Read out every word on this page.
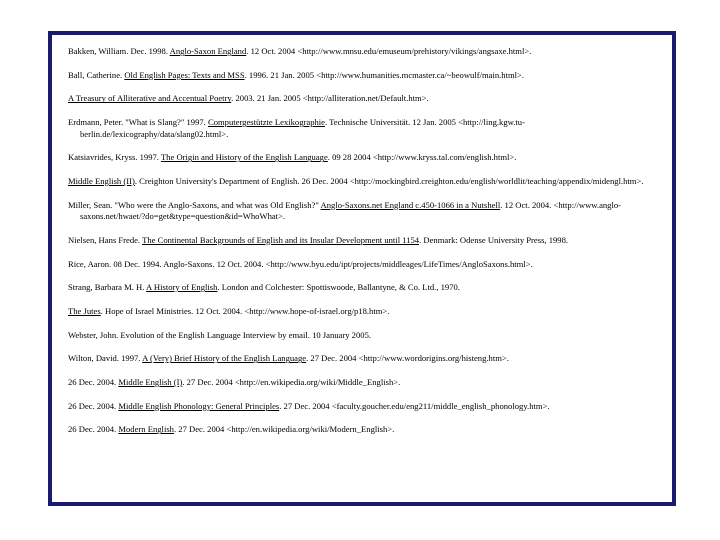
Bakken, William. Dec. 1998. Anglo-Saxon England. 12 Oct. 2004 <http://www.mnsu.edu/emuseum/prehistory/vikings/angsaxe.html>.

Ball, Catherine. Old English Pages: Texts and MSS. 1996. 21 Jan. 2005 <http://www.humanities.mcmaster.ca/~beowulf/main.html>.

A Treasury of Alliterative and Accentual Poetry. 2003. 21 Jan. 2005 <http://alliteration.net/Default.htm>.

Erdmann, Peter. "What is Slang?" 1997. Computergestützte Lexikographie. Technische Universität. 12 Jan. 2005 <http://ling.kgw.tu-berlin.de/lexicography/data/slang02.html>.

Katsiavrides, Kryss. 1997. The Origin and History of the English Language. 09 28 2004 <http://www.kryss.tal.com/english.html>.

Middle English (II). Creighton University's Department of English. 26 Dec. 2004 <http://mockingbird.creighton.edu/english/worldlit/teaching/appendix/midengl.htm>.

Miller, Sean. "Who were the Anglo-Saxons, and what was Old English?" Anglo-Saxons.net England c.450-1066 in a Nutshell. 12 Oct. 2004. <http://www.anglo-saxons.net/hwaet/?do=get&type=question&id=WhoWhat>.

Nielsen, Hans Frede. The Continental Backgrounds of English and its Insular Development until 1154. Denmark: Odense University Press, 1998.

Rice, Aaron. 08 Dec. 1994. Anglo-Saxons. 12 Oct. 2004. <http://www.byu.edu/ipt/projects/middleages/LifeTimes/AngloSaxons.html>.

Strang, Barbara M. H. A History of English. London and Colchester: Spottiswoode, Ballantyne, & Co. Ltd., 1970.

The Jutes. Hope of Israel Ministries. 12 Oct. 2004. <http://www.hope-of-israel.org/p18.htm>.

Webster, John. Evolution of the English Language Interview by email. 10 January 2005.

Wilton, David. 1997. A (Very) Brief History of the English Language. 27 Dec. 2004 <http://www.wordorigins.org/histeng.htm>.

26 Dec. 2004. Middle English (I). 27 Dec. 2004 <http://en.wikipedia.org/wiki/Middle_English>.

26 Dec. 2004. Middle English Phonology: General Principles. 27 Dec. 2004 <faculty.goucher.edu/eng211/middle_english_phonology.htm>.

26 Dec. 2004. Modern English. 27 Dec. 2004 <http://en.wikipedia.org/wiki/Modern_English>.
